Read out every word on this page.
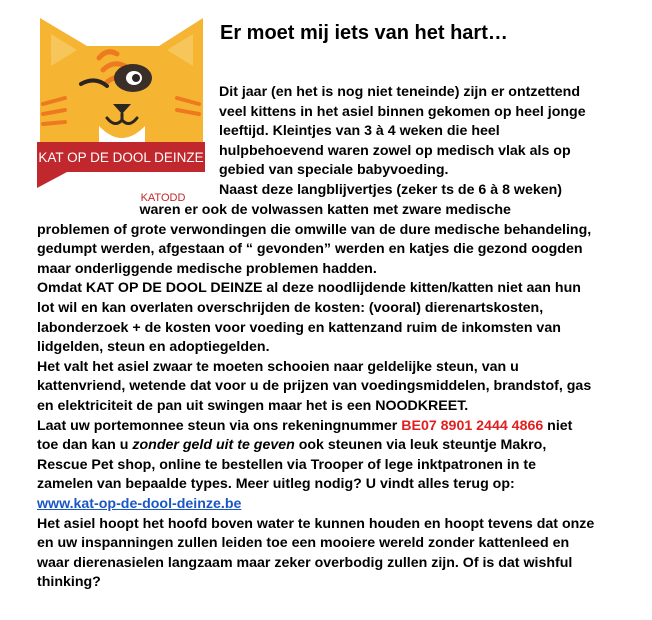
KAT OP DE DOOL DEINZE
KATODD
Er moet mij iets van het hart…
Dit jaar (en het is nog niet teneinde) zijn er ontzettend
veel kittens in het asiel binnen gekomen op heel jonge
leeftijd. Kleintjes van 3 à 4 weken die heel
hulpbehoevend waren zowel op medisch vlak als op
gebied van speciale babyvoeding.
Naast deze langblijvertjes (zeker ts de 6 à 8 weken)
waren er ook de volwassen katten met zware medische
problemen of grote verwondingen die omwille van de dure medische behandeling,
gedumpt werden, afgestaan of “ gevonden” werden en katjes die gezond oogden
maar onderliggende medische problemen hadden.
Omdat KAT OP DE DOOL DEINZE al deze noodlijdende kitten/katten niet aan hun
lot wil en kan overlaten overschrijden de kosten: (vooral) dierenartskosten,
labonderzoek + de kosten voor voeding en kattenzand ruim de inkomsten van
lidgelden, steun en adoptiegelden.
Het valt het asiel zwaar te moeten schooien naar geldelijke steun, van u
kattenvriend, wetende dat voor u de prijzen van voedingsmiddelen, brandstof, gas
en elektriciteit de pan uit swingen maar het is een NOODKREET.
Laat uw portemonnee steun via ons rekeningnummer BE07 8901 2444 4866 niet
toe dan kan u zonder geld uit te geven ook steunen via leuk steuntje Makro,
Rescue Pet shop, online te bestellen via Trooper of lege inktpatronen in te
zamelen van bepaalde types. Meer uitleg nodig? U vindt alles terug op:
www.kat-op-de-dool-deinze.be
Het asiel hoopt het hoofd boven water te kunnen houden en hoopt tevens dat onze
en uw inspanningen zullen leiden toe een mooiere wereld zonder kattenleed en
waar dierenasielen langzaam maar zeker overbodig zullen zijn. Of is dat wishful
thinking?
